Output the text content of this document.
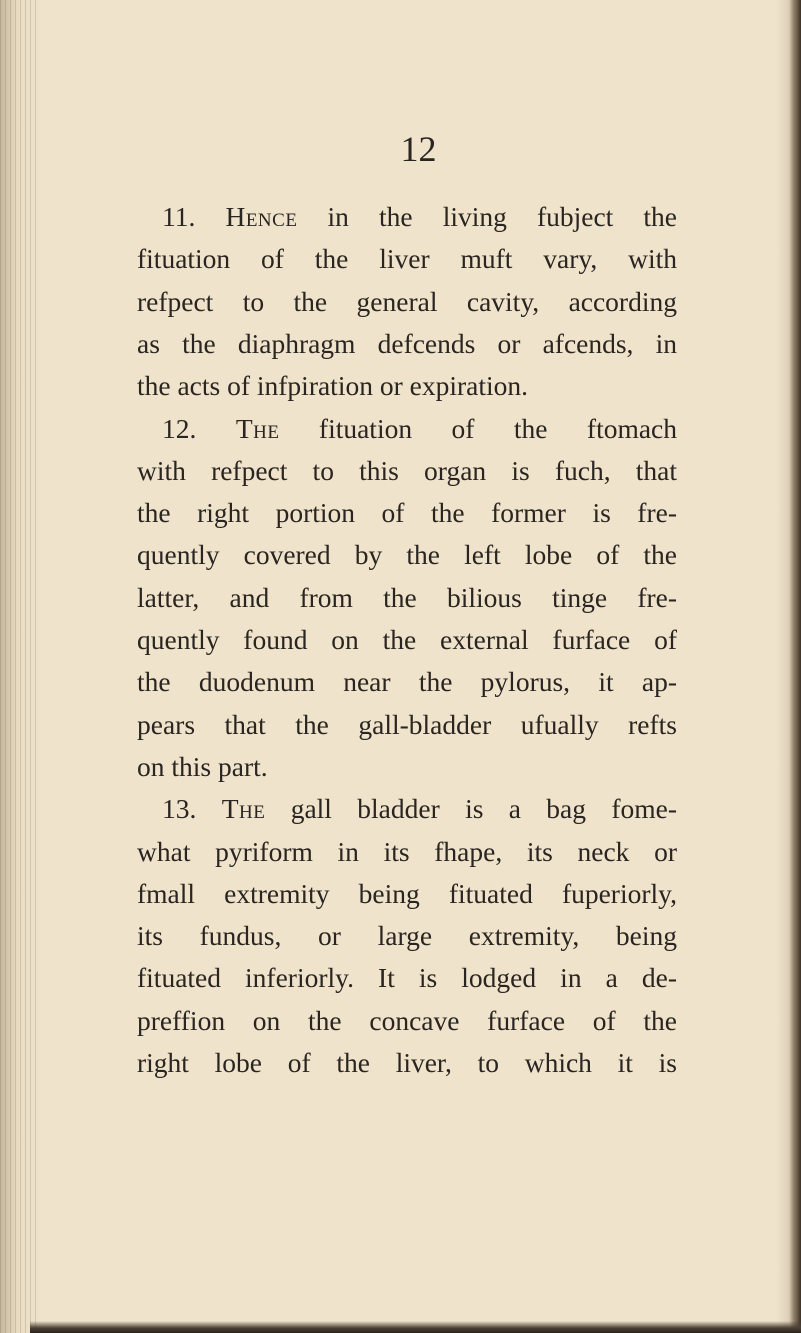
12
11. Hence in the living fubject the
fituation of the liver muft vary, with
refpect to the general cavity, according
as the diaphragm defcends or afcends, in
the acts of infpiration or expiration.
12. The fituation of the ftomach
with refpect to this organ is fuch, that
the right portion of the former is fre-
quently covered by the left lobe of the
latter, and from the bilious tinge fre-
quently found on the external furface of
the duodenum near the pylorus, it ap-
pears that the gall-bladder ufually refts
on this part.
13. The gall bladder is a bag fome-
what pyriform in its fhape, its neck or
fmall extremity being fituated fuperiorly,
its fundus, or large extremity, being
fituated inferiorly. It is lodged in a de-
preffion on the concave furface of the
right lobe of the liver, to which it is
